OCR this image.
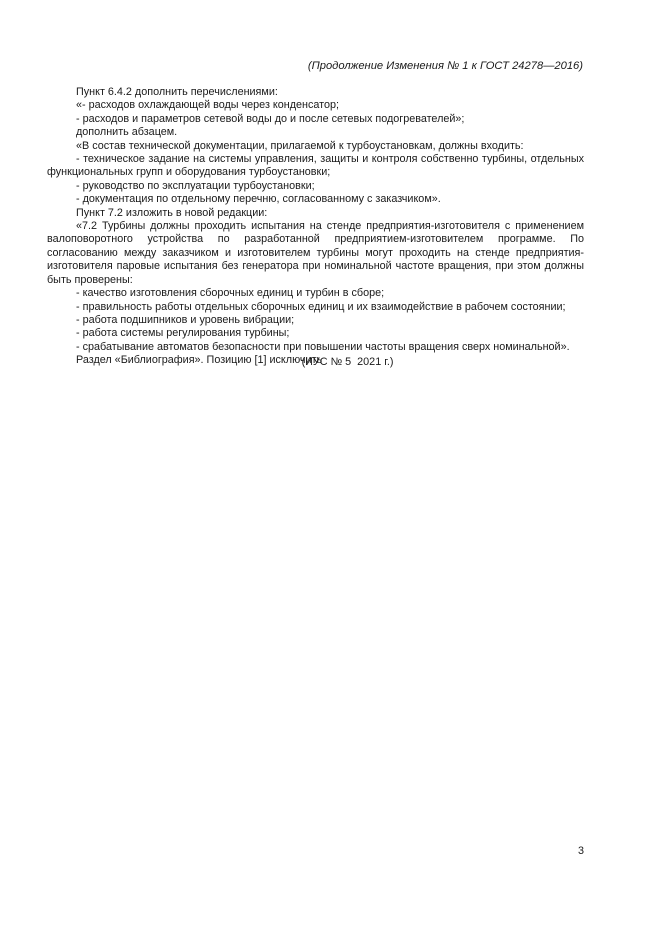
(Продолжение Изменения № 1 к ГОСТ 24278—2016)

Пункт 6.4.2 дополнить перечислениями:

«- расходов охлаждающей воды через конденсатор;

- расходов и параметров сетевой воды до и после сетевых подогревателей»;

дополнить абзацем.

«В состав технической документации, прилагаемой к турбоустановкам, должны входить:

- техническое задание на системы управления, защиты и контроля собственно турбины, отдельных функциональных групп и оборудования турбоустановки;

- руководство по эксплуатации турбоустановки;

- документация по отдельному перечню, согласованному с заказчиком».

Пункт 7.2 изложить в новой редакции:

«7.2 Турбины должны проходить испытания на стенде предприятия-изготовителя с применением валоповоротного устройства по разработанной предприятием-изготовителем программе. По согласованию между заказчиком и изготовителем турбины могут проходить на стенде предприятия-изготовителя паровые испытания без генератора при номинальной частоте вращения, при этом должны быть проверены:

- качество изготовления сборочных единиц и турбин в сборе;

- правильность работы отдельных сборочных единиц и их взаимодействие в рабочем состоянии;

- работа подшипников и уровень вибрации;

- работа системы регулирования турбины;

- срабатывание автоматов безопасности при повышении частоты вращения сверх номинальной».

Раздел «Библиография». Позицию [1] исключить

(ИУС № 5  2021 г.)
3
